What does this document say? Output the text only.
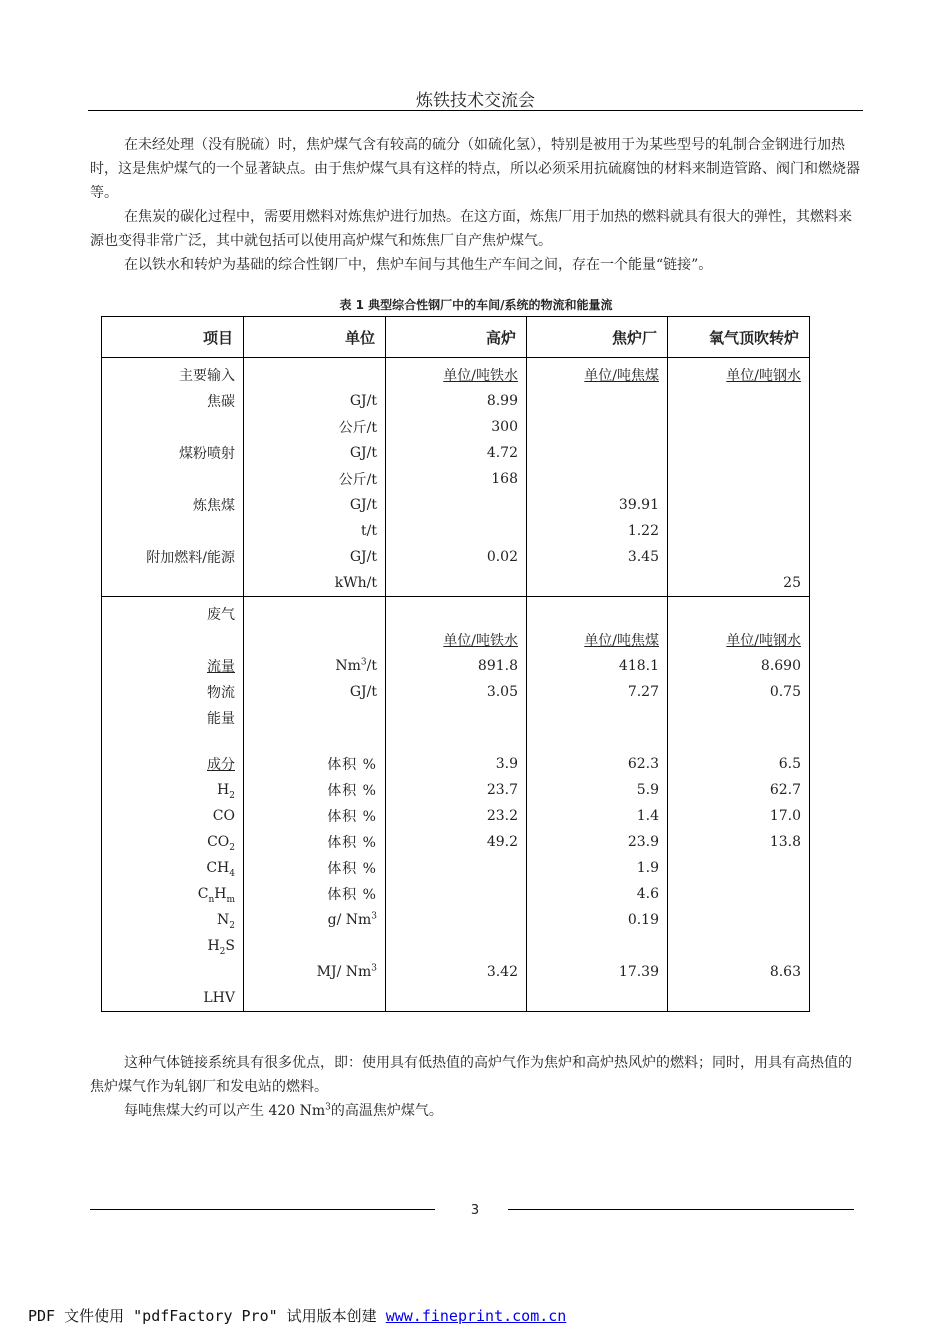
炼铁技术交流会

在未经处理（没有脱硫）时，焦炉煤气含有较高的硫分（如硫化氢），特别是被用于为某些型号的轧制合金钢进行加热时，这是焦炉煤气的一个显著缺点。由于焦炉煤气具有这样的特点，所以必须采用抗硫腐蚀的材料来制造管路、阀门和燃烧器等。

在焦炭的碳化过程中，需要用燃料对炼焦炉进行加热。在这方面，炼焦厂用于加热的燃料就具有很大的弹性，其燃料来源也变得非常广泛，其中就包括可以使用高炉煤气和炼焦厂自产焦炉煤气。

在以铁水和转炉为基础的综合性钢厂中，焦炉车间与其他生产车间之间，存在一个能量“链接”。

表 1 典型综合性钢厂中的车间/系统的物流和能量流
项目	单位	高炉	焦炉厂	氧气顶吹转炉

主要输入		单位/吨铁水	单位/吨焦煤	单位/吨钢水
焦碳	GJ/t	8.99		
	公斤/t	300		
煤粉喷射	GJ/t	4.72		
	公斤/t	168		
炼焦煤	GJ/t		39.91	
	t/t		1.22	
附加燃料/能源	GJ/t	0.02	3.45	
	kWh/t			25

废气				
		单位/吨铁水	单位/吨焦煤	单位/吨钢水
流量	Nm$^3$/t	891.8	418.1	8.690
物流	GJ/t	3.05	7.27	0.75
能量				

成分	体积 %	3.9	62.3	6.5
$H_2$	体积 %	23.7	5.9	62.7
CO	体积 %	23.2	1.4	17.0
$CO_2$	体积 %	49.2	23.9	13.8
$CH_4$	体积 %		1.9	
$C_nH_m$	体积 %		4.6	
$N_2$	g/ Nm$^3$		0.19	
$H_2S$				
	MJ/ Nm$^3$	3.42	17.39	8.63
LHV				

这种气体链接系统具有很多优点，即：使用具有低热值的高炉气作为焦炉和高炉热风炉的燃料；同时，用具有高热值的焦炉煤气作为轧钢厂和发电站的燃料。

每吨焦煤大约可以产生 420 Nm$^3$的高温焦炉煤气。

3
PDF 文件使用 "pdfFactory Pro" 试用版本创建 www.fineprint.com.cn
